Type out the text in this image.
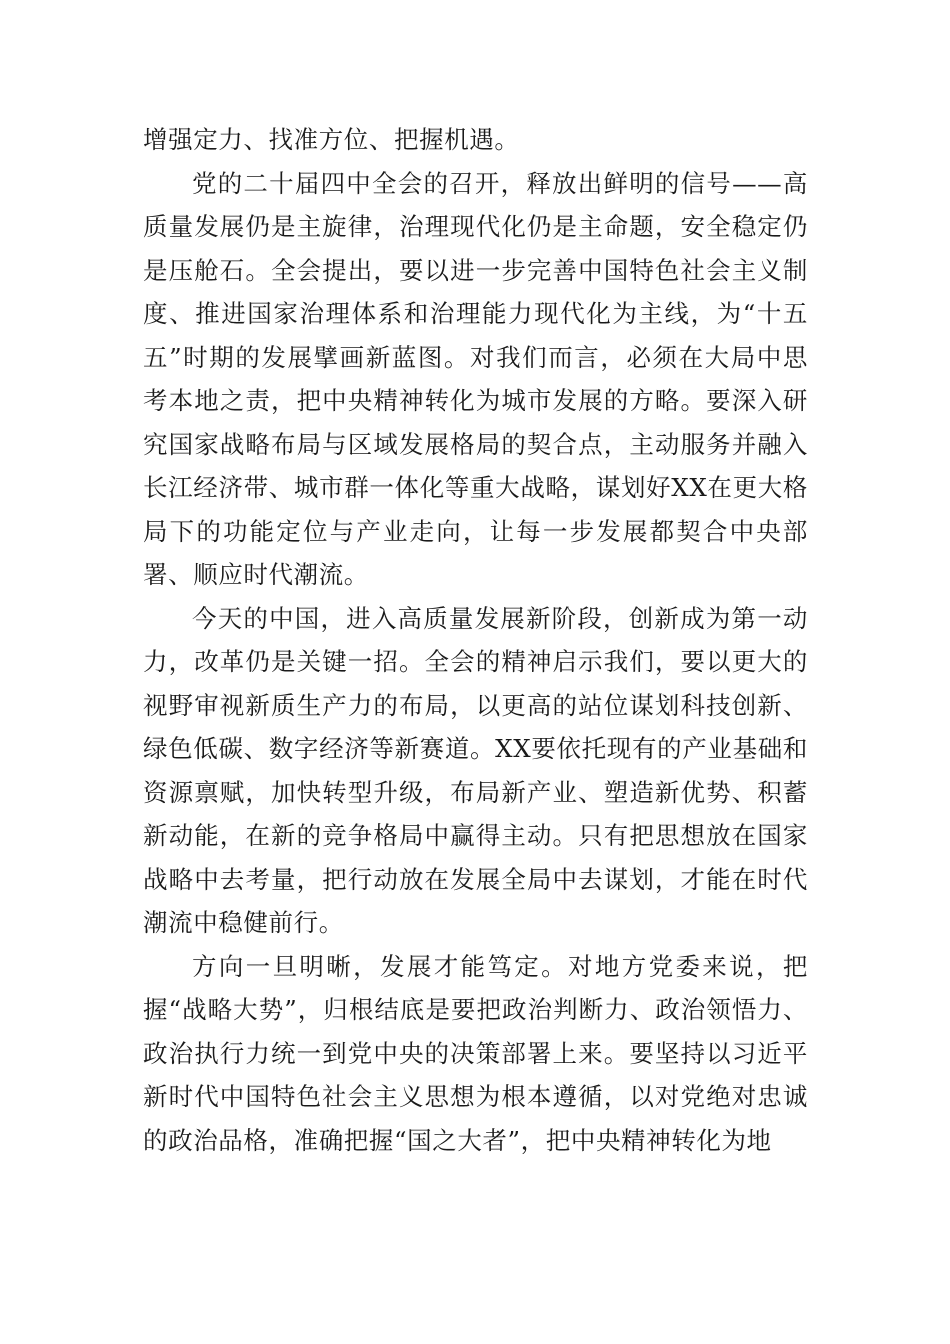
增强定力、找准方位、把握机遇。

党的二十届四中全会的召开，释放出鲜明的信号——高质量发展仍是主旋律，治理现代化仍是主命题，安全稳定仍是压舱石。全会提出，要以进一步完善中国特色社会主义制度、推进国家治理体系和治理能力现代化为主线，为“十五五”时期的发展擘画新蓝图。对我们而言，必须在大局中思考本地之责，把中央精神转化为城市发展的方略。要深入研究国家战略布局与区域发展格局的契合点，主动服务并融入长江经济带、城市群一体化等重大战略，谋划好XX在更大格局下的功能定位与产业走向，让每一步发展都契合中央部署、顺应时代潮流。

今天的中国，进入高质量发展新阶段，创新成为第一动力，改革仍是关键一招。全会的精神启示我们，要以更大的视野审视新质生产力的布局，以更高的站位谋划科技创新、绿色低碳、数字经济等新赛道。XX要依托现有的产业基础和资源禀赋，加快转型升级，布局新产业、塑造新优势、积蓄新动能，在新的竞争格局中赢得主动。只有把思想放在国家战略中去考量，把行动放在发展全局中去谋划，才能在时代潮流中稳健前行。

方向一旦明晰，发展才能笃定。对地方党委来说，把握“战略大势”，归根结底是要把政治判断力、政治领悟力、政治执行力统一到党中央的决策部署上来。要坚持以习近平新时代中国特色社会主义思想为根本遵循，以对党绝对忠诚的政治品格，准确把握“国之大者”，把中央精神转化为地
